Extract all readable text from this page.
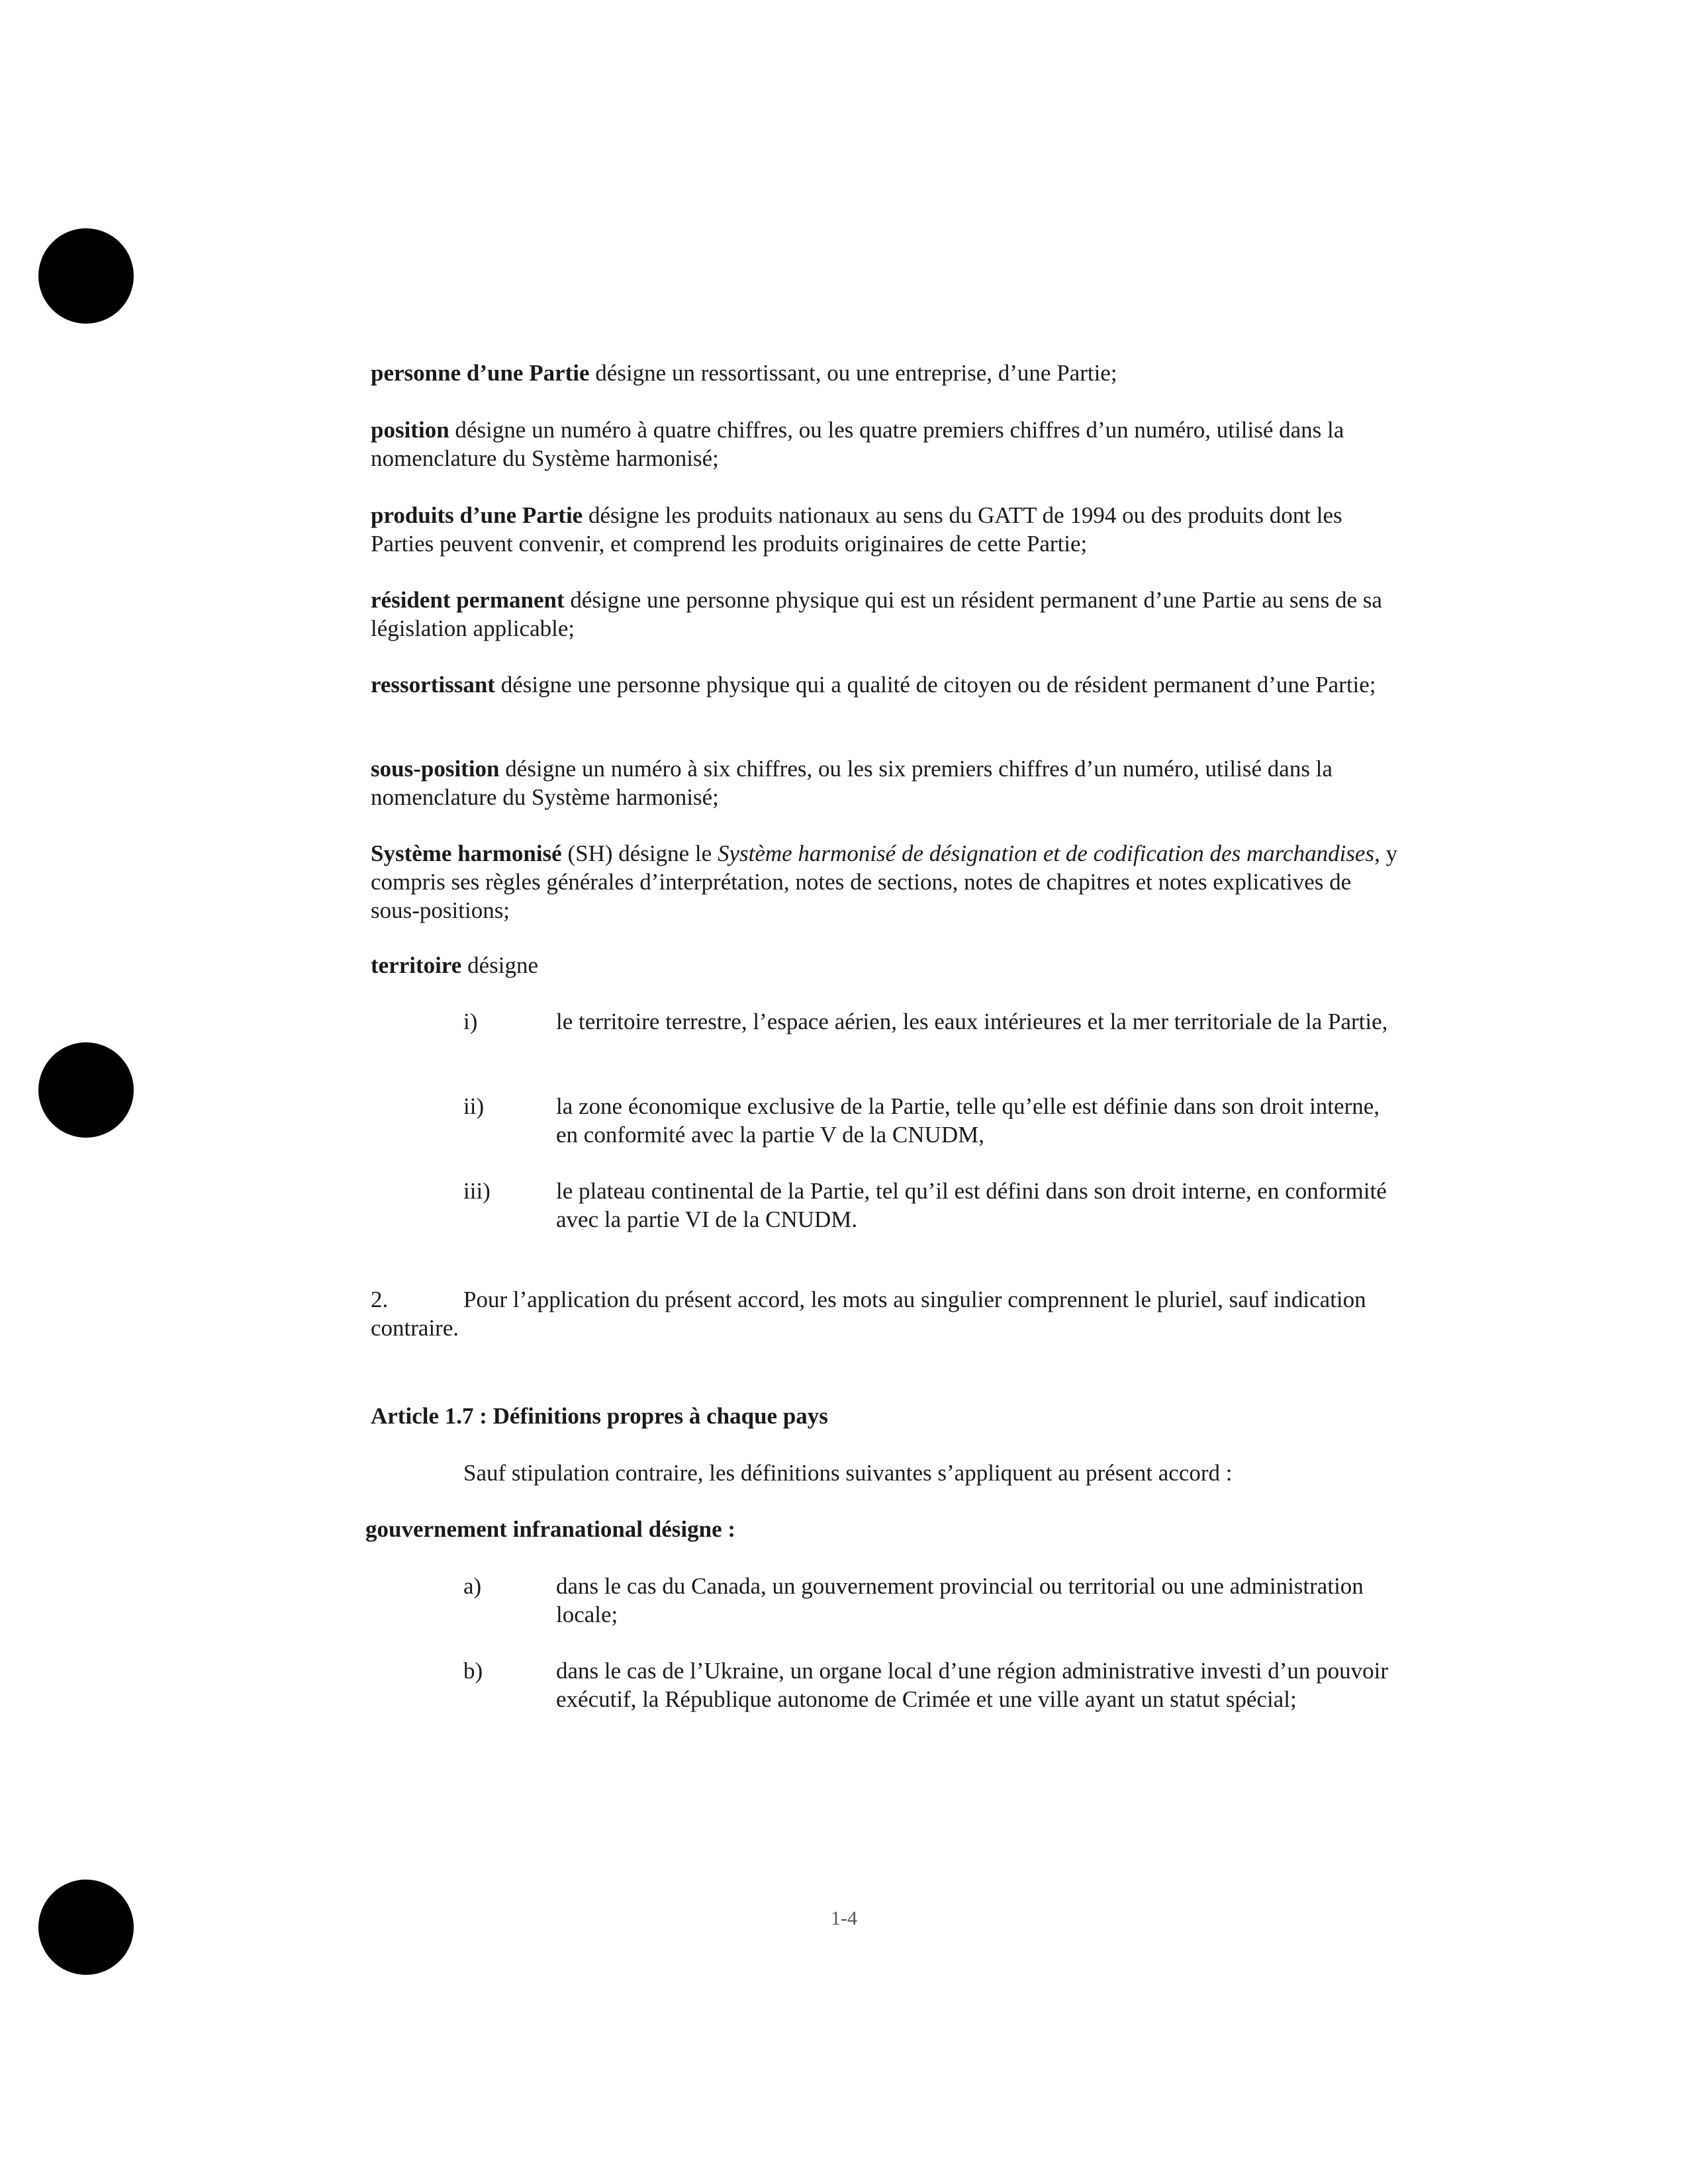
personne d’une Partie désigne un ressortissant, ou une entreprise, d’une Partie;

position désigne un numéro à quatre chiffres, ou les quatre premiers chiffres d’un numéro, utilisé dans la nomenclature du Système harmonisé;

produits d’une Partie désigne les produits nationaux au sens du GATT de 1994 ou des produits dont les Parties peuvent convenir, et comprend les produits originaires de cette Partie;

résident permanent désigne une personne physique qui est un résident permanent d’une Partie au sens de sa législation applicable;

ressortissant désigne une personne physique qui a qualité de citoyen ou de résident permanent d’une Partie;

sous-position désigne un numéro à six chiffres, ou les six premiers chiffres d’un numéro, utilisé dans la nomenclature du Système harmonisé;

Système harmonisé (SH) désigne le Système harmonisé de désignation et de codification des marchandises, y compris ses règles générales d’interprétation, notes de sections, notes de chapitres et notes explicatives de sous-positions;

territoire désigne

i)	le territoire terrestre, l’espace aérien, les eaux intérieures et la mer territoriale de la Partie,
ii)	la zone économique exclusive de la Partie, telle qu’elle est définie dans son droit interne, en conformité avec la partie V de la CNUDM,
iii)	le plateau continental de la Partie, tel qu’il est défini dans son droit interne, en conformité avec la partie VI de la CNUDM.

2.	Pour l’application du présent accord, les mots au singulier comprennent le pluriel, sauf indication contraire.

Article 1.7 : Définitions propres à chaque pays
Sauf stipulation contraire, les définitions suivantes s’appliquent au présent accord :
gouvernement infranational désigne :
a)	dans le cas du Canada, un gouvernement provincial ou territorial ou une administration locale;
b)	dans le cas de l’Ukraine, un organe local d’une région administrative investi d’un pouvoir exécutif, la République autonome de Crimée et une ville ayant un statut spécial;
1-4
